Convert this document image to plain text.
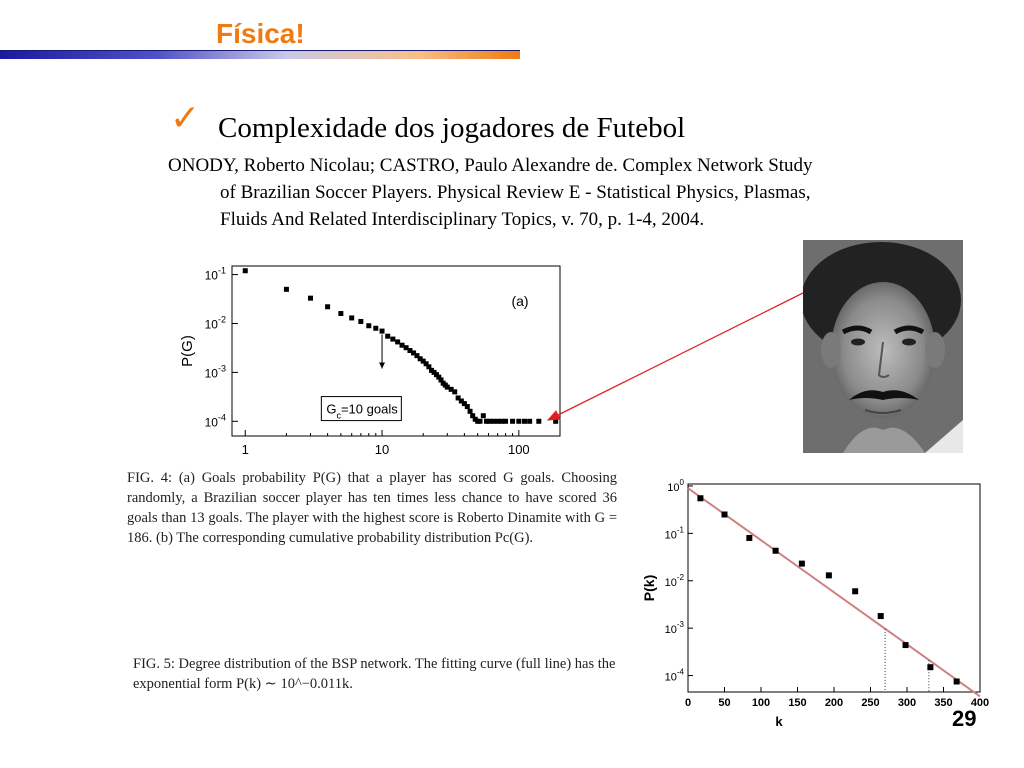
Física!
✓ Complexidade dos jogadores de Futebol
ONODY, Roberto Nicolau; CASTRO, Paulo Alexandre de. Complex Network Study
of Brazilian Soccer Players. Physical Review E - Statistical Physics, Plasmas,
Fluids And Related Interdisciplinary Topics, v. 70, p. 1-4, 2004.
1	10	100
$10^{-1}$
$10^{-2}$
$10^{-3}$
$10^{-4}$
P(G)
(a)
$G_c=10$ goals
FIG. 4: (a) Goals probability P(G) that a player has scored G goals. Choosing randomly, a Brazilian soccer player has ten times less chance to have scored 36 goals than 13 goals. The player with the highest score is Roberto Dinamite with G = 186. (b) The corresponding cumulative probability distribution Pc(G).
FIG. 5: Degree distribution of the BSP network. The fitting curve (full line) has the exponential form P(k) ∼ 10^−0.011k.
0 50 100 150 200 250 300 350 400
$10^0$
$10^{-1}$
$10^{-2}$
$10^{-3}$
$10^{-4}$
k
P(k)
29
